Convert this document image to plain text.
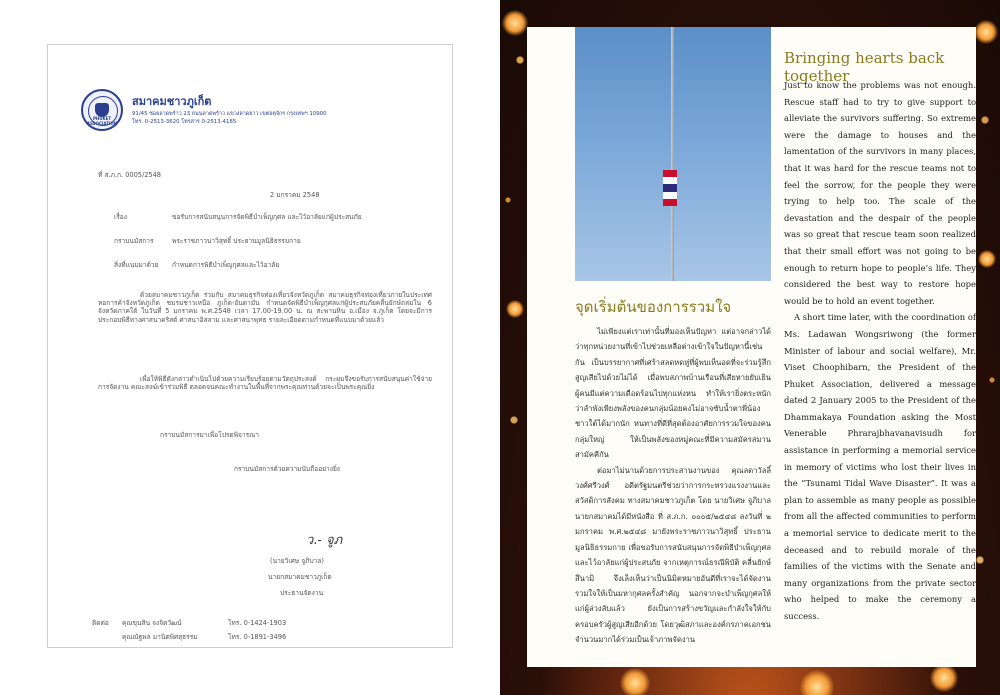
PHUKET ASSOCIATION
สมาคมชาวภูเก็ต
91/45 ซอยลาดพร้าว 23 ถนนลาดพร้าว แขวงลาดยาว เขตจตุจักร กรุงเทพฯ 10900
โทร. 0-2513-3620 โทรสาร 0-2513-4185
ที่ ส.ภ.ก. 0005/2548
2 มกราคม 2548
เรื่อง	ขอรับการสนับสนุนการจัดพิธีบำเพ็ญกุศล และไว้อาลัยแก่ผู้ประสบภัย
กราบนมัสการ	พระราชภาวนาวิสุทธิ์ ประธานมูลนิธิธรรมกาย
สิ่งที่แนบมาด้วย กำหนดการพิธีบำเพ็ญกุศลและไว้อาลัย
ด้วยสมาคมชาวภูเก็ต ร่วมกับ สมาคมธุรกิจท่องเที่ยวจังหวัดภูเก็ต สมาคมธุรกิจท่องเที่ยวภายในประเทศ หอการค้าจังหวัดภูเก็ต ชมรมชาวเหนือ ภูเก็ต-อันดามัน กำหนดจัดพิธีบำเพ็ญกุศลแก่ผู้ประสบภัยคลื่นยักษ์ถล่มใน 6 จังหวัดภาคใต้ ในวันที่ 5 มกราคม พ.ศ.2548 เวลา 17.00-19.00 น. ณ สะพานหิน อ.เมือง จ.ภูเก็ต โดยจะมีการประกอบพิธีทางศาสนาคริสต์ ศาสนาอิสลาม และศาสนาพุทธ รายละเอียดตามกำหนดที่แนบมาด้วยแล้ว
เพื่อให้พิธีดังกล่าวดำเนินไปด้วยความเรียบร้อยตามวัตถุประสงค์ กระผมจึงขอรับการสนับสนุนค่าใช้จ่ายการจัดงาน คณะสงฆ์เข้าร่วมพิธี ตลอดจนคณะทำงานในพื้นที่จากพระคุณท่านด้วยจะเป็นพระคุณยิ่ง
กราบนมัสการมาเพื่อโปรดพิจารณา
กราบนมัสการด้วยความนับถืออย่างยิ่ง
ว.- จูภ
(นายวิเศษ จูภิบาล)
นายกสมาคมชาวภูเก็ต
ประธานจัดงาน
ติดต่อ คุณขุนสิน จงจิตวัฒน์	โทร. 0-1424-1903
คุณณัฐพล มานิตพิศสุธรรม	โทร. 0-1891-3496
จุดเริ่มต้นของการรวมใจ

ไม่เพียงแต่เราเท่านั้นที่มองเห็นปัญหา แต่อาจกล่าวได้ว่าทุกหน่วยงานที่เข้าไปช่วยเหลือต่างเข้าใจในปัญหานี้เช่นกัน เป็นบรรยากาศที่เศร้าสลดหดหู่ที่ผู้พบเห็นอดที่จะร่วมรู้สึกสูญเสียไปด้วยไม่ได้ เมื่อพบสภาพบ้านเรือนที่เสียหายยับเยิน ผู้คนมีแต่ความเดือดร้อนไปทุกแห่งหน ทำให้เรายิ่งตระหนักว่าลำพังเพียงพลังของคนกลุ่มน้อยคงไม่อาจซับน้ำตาพี่น้องชาวใต้ได้มากนัก หนทางที่ดีที่สุดต้องอาศัยการรวมใจของคนกลุ่มใหญ่ ให้เป็นพลังของหมู่คณะที่มีความสมัครสมานสามัคคีกัน

ต่อมาไม่นานด้วยการประสานงานของ คุณลดาวัลลิ์ วงศ์ศรีวงศ์ อดีตรัฐมนตรีช่วยว่าการกระทรวงแรงงานและสวัสดิการสังคม ทางสมาคมชาวภูเก็ต โดย นายวิเศษ จูภิบาลนายกสมาคมได้มีหนังสือ ที่ ส.ภ.ก. ๐๐๐๕/๒๕๔๘ ลงวันที่ ๒ มกราคม พ.ศ.๒๕๔๘ มายังพระราชภาวนาวิสุทธิ์ ประธานมูลนิธิธรรมกาย เพื่อขอรับการสนับสนุนการจัดพิธีบำเพ็ญกุศลและไว้อาลัยแก่ผู้ประสบภัย จากเหตุการณ์ธรณีพิบัติ คลื่นยักษ์สึนามิ จึงเล็งเห็นว่าเป็นนิมิตหมายอันดีที่เราจะได้จัดงานรวมใจให้เป็นมหากุศลครั้งสำคัญ นอกจากจะบำเพ็ญกุศลให้แก่ผู้ล่วงลับแล้ว ยังเป็นการสร้างขวัญและกำลังใจให้กับครอบครัวผู้สูญเสียอีกด้วย โดยวุฒิสภาและองค์กรภาคเอกชนจำนวนมากได้ร่วมเป็นเจ้าภาพจัดงาน

Bringing hearts back together

Just to know the problems was not enough. Rescue staff had to try to give support to alleviate the survivors suffering. So extreme were the damage to houses and the lamentation of the survivors in many places, that it was hard for the rescue teams not to feel the sorrow, for the people they were trying to help too. The scale of the devastation and the despair of the people was so great that rescue team soon realized that their small effort was not going to be enough to return hope to people’s life. They considered the best way to restore hope would be to hold an event together.

A short time later, with the coordination of Ms. Ladawan Wongsriwong (the former Minister of labour and social welfare), Mr. Viset Choophibarn, the President of the Phuket Association, delivered a message dated 2 January 2005 to the President of the Dhammakaya Foundation asking the Most Venerable Phrarajbhavanavisudh for assistance in performing a memorial service in memory of victims who lost their lives in the “Tsunami Tidal Wave Disaster”. It was a plan to assemble as many people as possible from all the affected communities to perform a memorial service to dedicate merit to the deceased and to rebuild morale of the families of the victims with the Senate and many organizations from the private sector who helped to make the ceremony a success.
